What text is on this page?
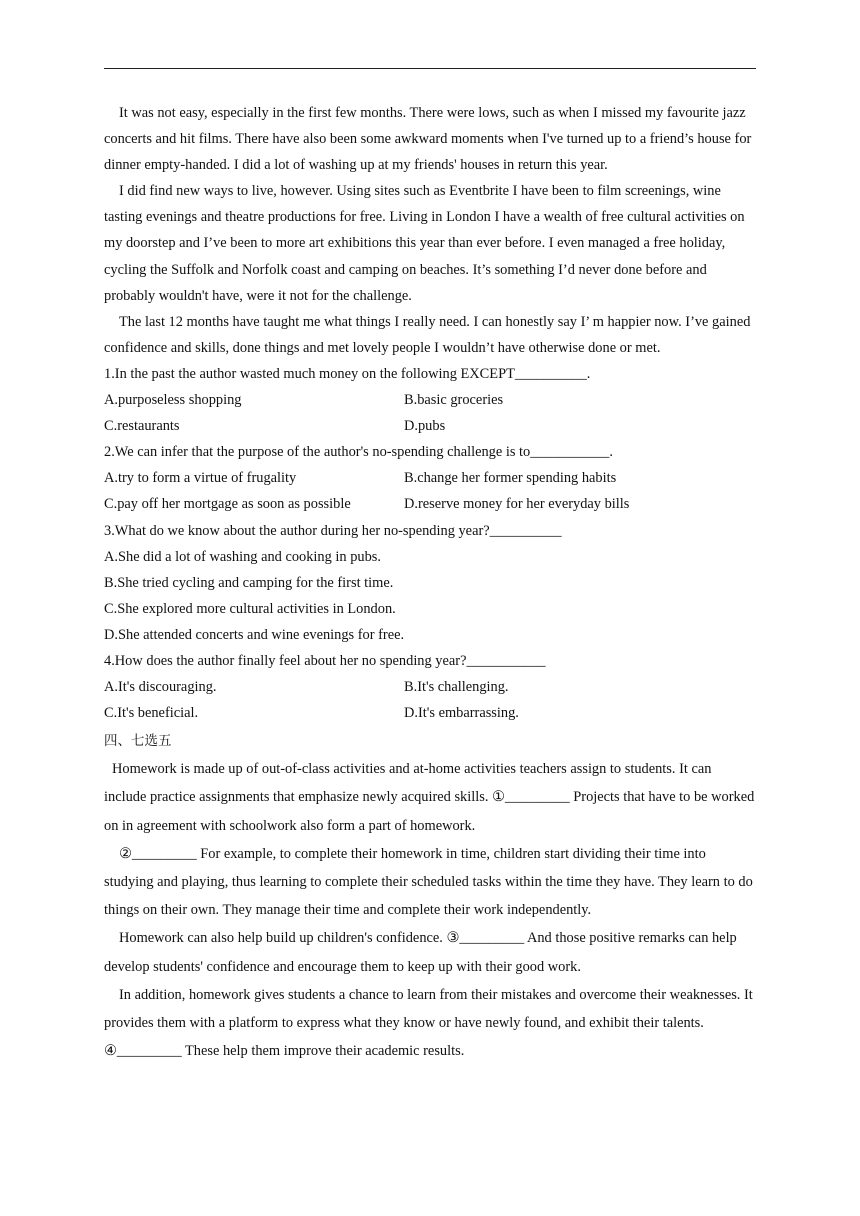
It was not easy, especially in the first few months. There were lows, such as when I missed my favourite jazz concerts and hit films. There have also been some awkward moments when I've turned up to a friend’s house for dinner empty-handed. I did a lot of washing up at my friends' houses in return this year.

I did find new ways to live, however. Using sites such as Eventbrite I have been to film screenings, wine tasting evenings and theatre productions for free. Living in London I have a wealth of free cultural activities on my doorstep and I’ve been to more art exhibitions this year than ever before. I even managed a free holiday, cycling the Suffolk and Norfolk coast and camping on beaches. It’s something I’d never done before and probably wouldn't have, were it not for the challenge.

The last 12 months have taught me what things I really need. I can honestly say I’ m happier now. I’ve gained confidence and skills, done things and met lovely people I wouldn’t have otherwise done or met.

1.In the past the author wasted much money on the following EXCEPT__________.

A.purposeless shopping	B.basic groceries
C.restaurants	D.pubs

2.We can infer that the purpose of the author's no-spending challenge is to___________.

A.try to form a virtue of frugality	B.change her former spending habits
C.pay off her mortgage as soon as possible	D.reserve money for her everyday bills

3.What do we know about the author during her no-spending year?__________

A.She did a lot of washing and cooking in pubs.

B.She tried cycling and camping for the first time.

C.She explored more cultural activities in London.

D.She attended concerts and wine evenings for free.

4.How does the author finally feel about her no spending year?___________

A.It's discouraging.	B.It's challenging.
C.It's beneficial.	D.It's embarrassing.

四、七选五

Homework is made up of out-of-class activities and at-home activities teachers assign to students. It can include practice assignments that emphasize newly acquired skills. ①_________ Projects that have to be worked on in agreement with schoolwork also form a part of homework.

②_________ For example, to complete their homework in time, children start dividing their time into studying and playing, thus learning to complete their scheduled tasks within the time they have. They learn to do things on their own. They manage their time and complete their work independently.

Homework can also help build up children's confidence. ③_________ And those positive remarks can help develop students' confidence and encourage them to keep up with their good work.

In addition, homework gives students a chance to learn from their mistakes and overcome their weaknesses. It provides them with a platform to express what they know or have newly found, and exhibit their talents. ④_________ These help them improve their academic results.
